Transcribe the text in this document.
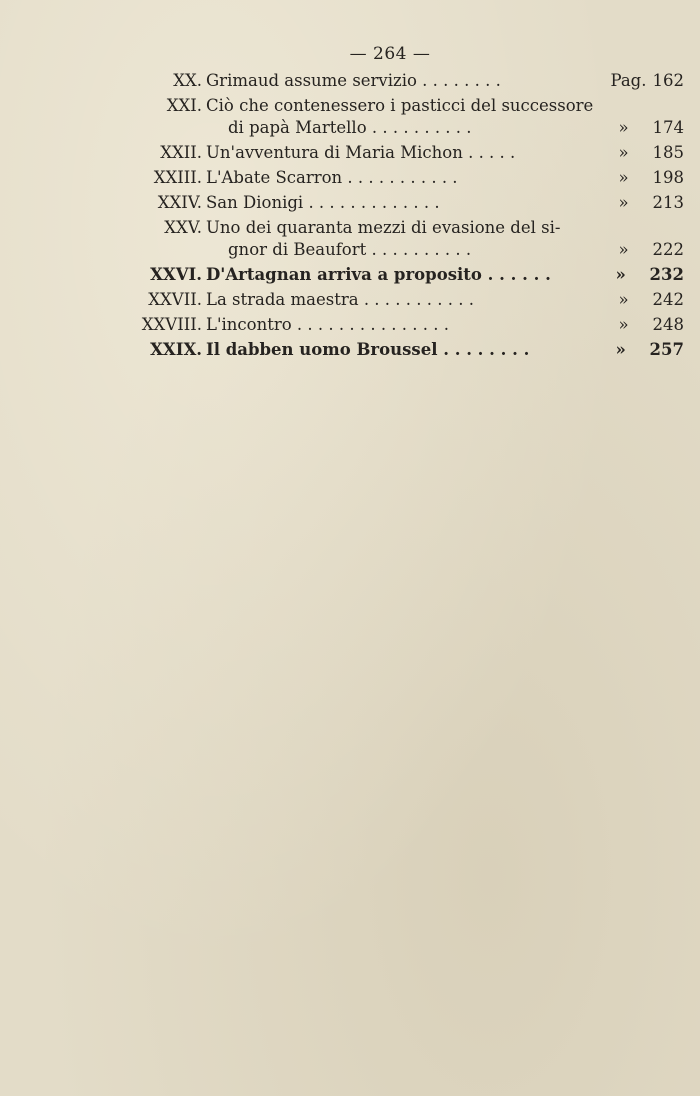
— 264 —
XX. Grimaud assume servizio . . . . . . . .	Pag. 162
XXI. Ciò che contenessero i pasticci del successore
di papà Martello . . . . . . . . . .	» 174
XXII. Un'avventura di Maria Michon . . . . .	» 185
XXIII. L'Abate Scarron . . . . . . . . . . .	» 198
XXIV. San Dionigi . . . . . . . . . . . . .	» 213
XXV. Uno dei quaranta mezzi di evasione del si-
gnor di Beaufort . . . . . . . . . .	» 222
XXVI. D'Artagnan arriva a proposito . . . . . .	» 232
XXVII. La strada maestra . . . . . . . . . . .	» 242
XXVIII. L'incontro . . . . . . . . . . . . . . .	» 248
XXIX. Il dabben uomo Broussel . . . . . . . .	» 257
